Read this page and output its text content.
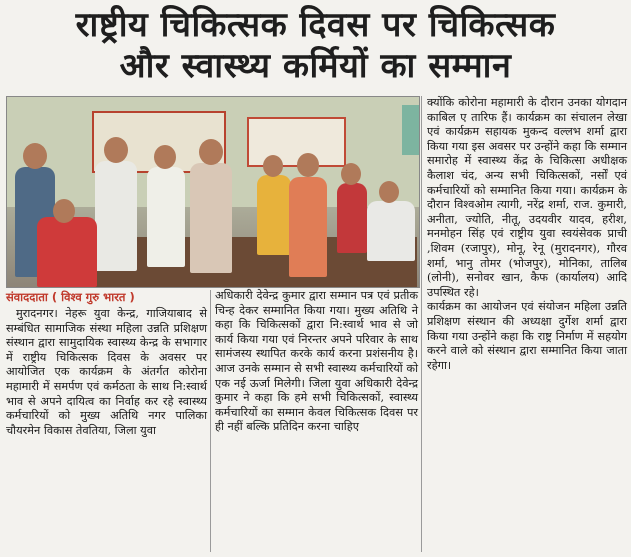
राष्ट्रीय चिकित्सक दिवस पर चिकित्सक
और स्वास्थ्य कर्मियों का सम्मान
संवाददाता ( विश्व गुरु भारत )

मुरादनगर। नेहरू युवा केन्द्र, गाजियाबाद से सम्बंधित सामाजिक संस्था महिला उन्नति प्रशिक्षण संस्थान द्वारा सामुदायिक स्वास्थ्य केन्द्र के सभागार में राष्ट्रीय चिकित्सक दिवस के अवसर पर आयोजित एक कार्यक्रम के अंतर्गत कोरोना महामारी में समर्पण एवं कर्मठता के साथ नि:स्वार्थ भाव से अपने दायित्व का निर्वाह कर रहे स्वास्थ्य कर्मचारियों को मुख्य अतिथि नगर पालिका चौयरमेन विकास तेवतिया, जिला युवा

अधिकारी देवेन्द्र कुमार द्वारा सम्मान पत्र एवं प्रतीक चिन्ह देकर सम्मानित किया गया। मुख्य अतिथि ने कहा कि चिकित्सकों द्वारा नि:स्वार्थ भाव से जो कार्य किया गया एवं निरन्तर अपने परिवार के साथ सामंजस्य स्थापित करके कार्य करना प्रशंसनीय है। आज उनके सम्मान से सभी स्वास्थ्य कर्मचारियों को एक नई ऊर्जा मिलेगी। जिला युवा अधिकारी देवेन्द्र कुमार ने कहा कि हमे सभी चिकित्सकों, स्वास्थ्य कर्मचारियों का सम्मान केवल चिकित्सक दिवस पर ही नहीं बल्कि प्रतिदिन करना चाहिए

क्योंकि कोरोना महामारी के दौरान उनका योगदान काबिल ए तारिफ हैं। कार्यक्रम का संचालन लेखा एवं कार्यक्रम सहायक मुकन्द वल्लभ शर्मा द्वारा किया गया इस अवसर पर उन्होंने कहा कि सम्मान समारोह में स्वास्थ्य केंद्र के चिकित्सा अधीक्षक कैलाश चंद, अन्य सभी चिकित्सकों, नर्सों एवं कर्मचारियों को सम्मानित किया गया। कार्यक्रम के दौरान विश्वओम त्यागी, नरेंद्र शर्मा, राज. कुमारी, अनीता, ज्योति, नीतू, उदयवीर यादव, हरीश, मनमोहन सिंह एवं राष्ट्रीय युवा स्वयंसेवक प्राची ,शिवम (रजापुर), मोनू, रेनू (मुरादनगर), गौरव शर्मा, भानु तोमर (भोजपुर), मोनिका, तालिब (लोनी), सनोवर खान, कैफ (कार्यालय) आदि उपस्थित रहे।

कार्यक्रम का आयोजन एवं संयोजन महिला उन्नति प्रशिक्षण संस्थान की अध्यक्षा दुर्गेश शर्मा द्वारा किया गया उन्होंने कहा कि राष्ट्र निर्माण में सहयोग करने वाले को संस्थान द्वारा सम्मानित किया जाता रहेगा।
